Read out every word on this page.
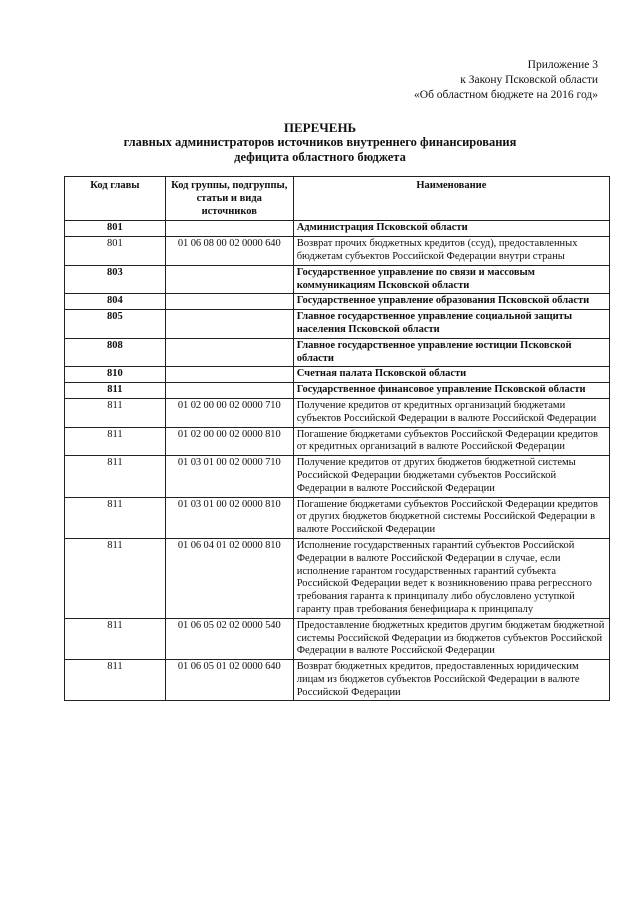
Приложение 3
к Закону Псковской области
«Об областном бюджете на 2016 год»
ПЕРЕЧЕНЬ
главных администраторов источников внутреннего финансирования
дефицита областного бюджета
Код главы	Код группы, подгруппы, статьи и вида источников	Наименование
801		Администрация Псковской области
801	01 06 08 00 02 0000 640	Возврат прочих бюджетных кредитов (ссуд), предоставленных бюджетам субъектов Российской Федерации внутри страны
803		Государственное управление по связи и массовым коммуникациям Псковской области
804		Государственное управление образования Псковской области
805		Главное государственное управление социальной защиты населения Псковской области
808		Главное государственное управление юстиции Псковской области
810		Счетная палата Псковской области
811		Государственное финансовое управление Псковской области
811	01 02 00 00 02 0000 710	Получение кредитов от кредитных организаций бюджетами субъектов Российской Федерации в валюте Российской Федерации
811	01 02 00 00 02 0000 810	Погашение бюджетами субъектов Российской Федерации кредитов от кредитных организаций в валюте Российской Федерации
811	01 03 01 00 02 0000 710	Получение кредитов от других бюджетов бюджетной системы Российской Федерации бюджетами субъектов Российской Федерации в валюте Российской Федерации
811	01 03 01 00 02 0000 810	Погашение бюджетами субъектов Российской Федерации кредитов от других бюджетов бюджетной системы Российской Федерации в валюте Российской Федерации
811	01 06 04 01 02 0000 810	Исполнение государственных гарантий субъектов Российской Федерации в валюте Российской Федерации в случае, если исполнение гарантом государственных гарантий субъекта Российской Федерации ведет к возникновению права регрессного требования гаранта к принципалу либо обусловлено уступкой гаранту прав требования бенефициара к принципалу
811	01 06 05 02 02 0000 540	Предоставление бюджетных кредитов другим бюджетам бюджетной системы Российской Федерации из бюджетов субъектов Российской Федерации в валюте Российской Федерации
811	01 06 05 01 02 0000 640	Возврат бюджетных кредитов, предоставленных юридическим лицам из бюджетов субъектов Российской Федерации в валюте Российской Федерации
